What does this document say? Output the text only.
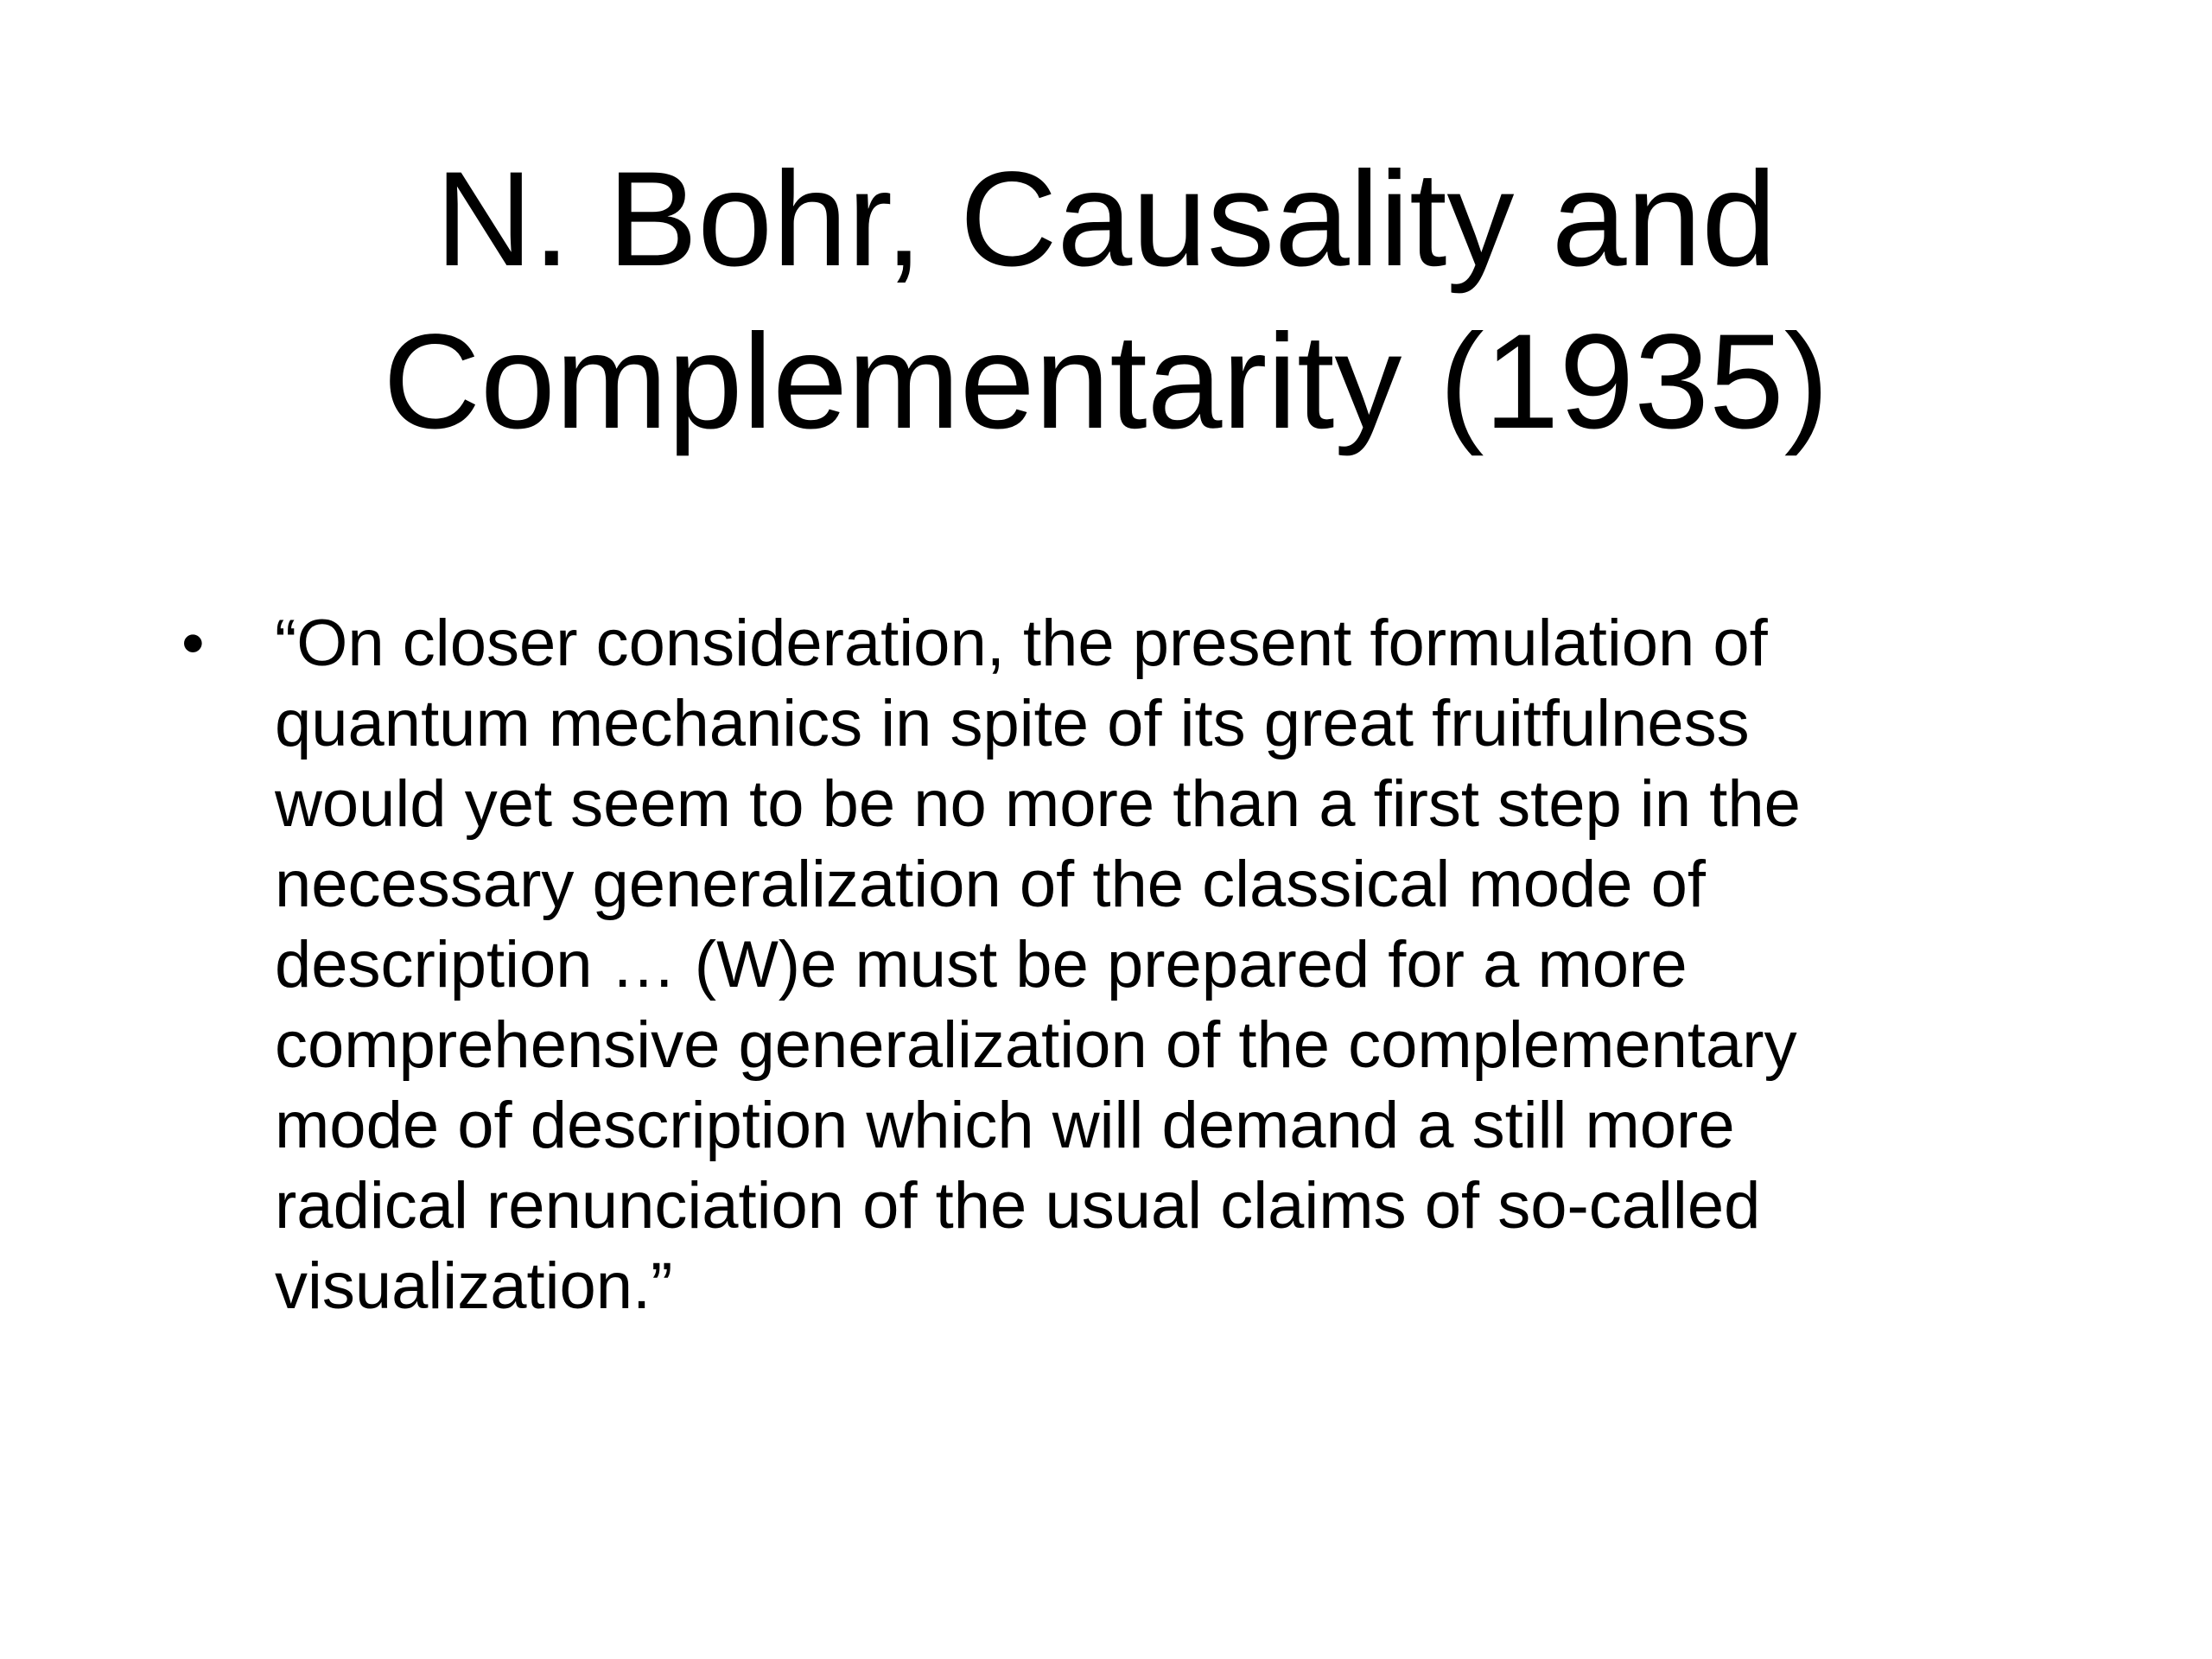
N. Bohr, Causality and
Complementarity (1935)
• “On closer consideration, the present formulation of
quantum mechanics in spite of its great fruitfulness
would yet seem to be no more than a first step in the
necessary generalization of the classical mode of
description … (W)e must be prepared for a more
comprehensive generalization of the complementary
mode of description which will demand a still more
radical renunciation of the usual claims of so-called
visualization.”
